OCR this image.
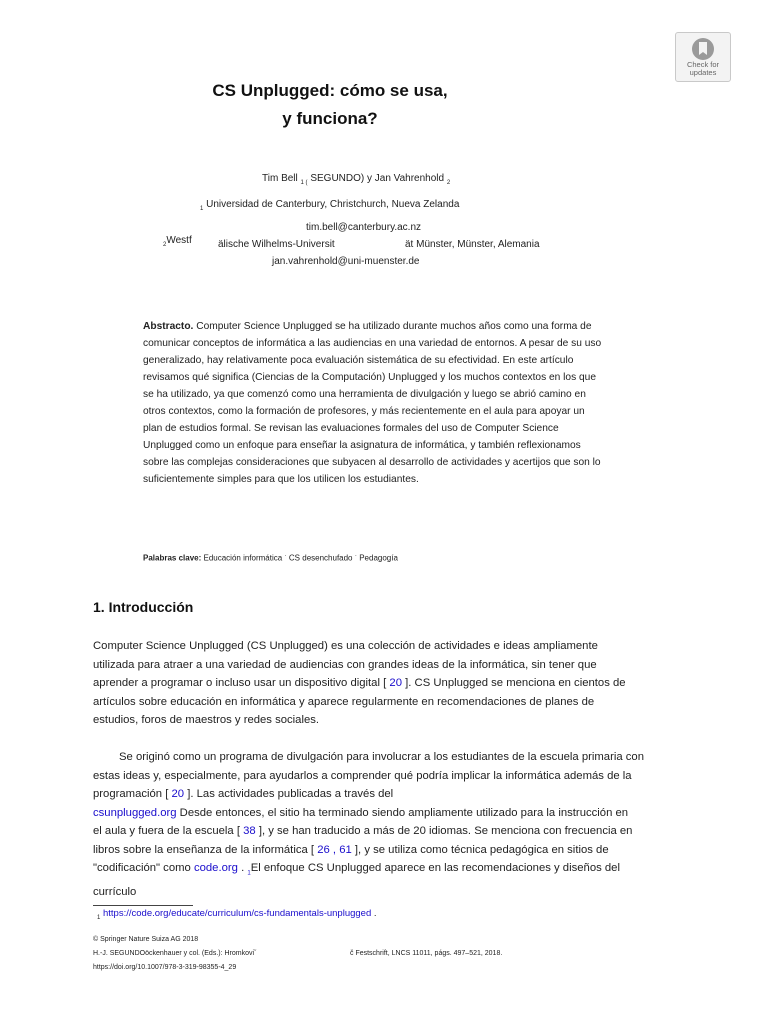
Check for
updates
CS Unplugged: cómo se usa,
y funciona?
Tim Bell $_{1 (}$ SEGUNDO) y Jan Vahrenhold $_2$
$_1$ Universidad de Canterbury, Christchurch, Nueva Zelanda
tim.bell@canterbury.ac.nz
$_2$Westf	älische Wilhelms-Universit	ät Münster, Münster, Alemania
jan.vahrenhold@uni-muenster.de
Abstracto. Computer Science Unplugged se ha utilizado durante muchos años como una forma de
comunicar conceptos de informática a las audiencias en una variedad de entornos. A pesar de su uso
generalizado, hay relativamente poca evaluación sistemática de su efectividad. En este artículo
revisamos qué significa (Ciencias de la Computación) Unplugged y los muchos contextos en los que
se ha utilizado, ya que comenzó como una herramienta de divulgación y luego se abrió camino en
otros contextos, como la formación de profesores, y más recientemente en el aula para apoyar un
plan de estudios formal. Se revisan las evaluaciones formales del uso de Computer Science
Unplugged como un enfoque para enseñar la asignatura de informática, y también reflexionamos
sobre las complejas consideraciones que subyacen al desarrollo de actividades y acertijos que son lo
suficientemente simples para que los utilicen los estudiantes.
Palabras clave: Educación informática · CS desenchufado · Pedagogía
1. Introducción
Computer Science Unplugged (CS Unplugged) es una colección de actividades e ideas ampliamente
utilizada para atraer a una variedad de audiencias con grandes ideas de la informática, sin tener que
aprender a programar o incluso usar un dispositivo digital [ 20 ]. CS Unplugged se menciona en cientos de
artículos sobre educación en informática y aparece regularmente en recomendaciones de planes de
estudios, foros de maestros y redes sociales.
Se originó como un programa de divulgación para involucrar a los estudiantes de la escuela primaria con
estas ideas y, especialmente, para ayudarlos a comprender qué podría implicar la informática además de la
programación [ 20 ]. Las actividades publicadas a través del
csunplugged.org Desde entonces, el sitio ha terminado siendo ampliamente utilizado para la instrucción en
el aula y fuera de la escuela [ 38 ], y se han traducido a más de 20 idiomas. Se menciona con frecuencia en
libros sobre la enseñanza de la informática [ 26 , 61 ], y se utiliza como técnica pedagógica en sitios de
"codificación" como code.org . $_1$El enfoque CS Unplugged aparece en las recomendaciones y diseños del
currículo
$_1$ https://code.org/educate/curriculum/cs-fundamentals-unplugged .
© Springer Nature Suiza AG 2018
H.-J. SEGUNDOöckenhauer y col. (Eds.): Hromkoviˇ	č Festschrift, LNCS 11011, págs. 497–521, 2018.
https://doi.org/10.1007/978-3-319-98355-4_29
